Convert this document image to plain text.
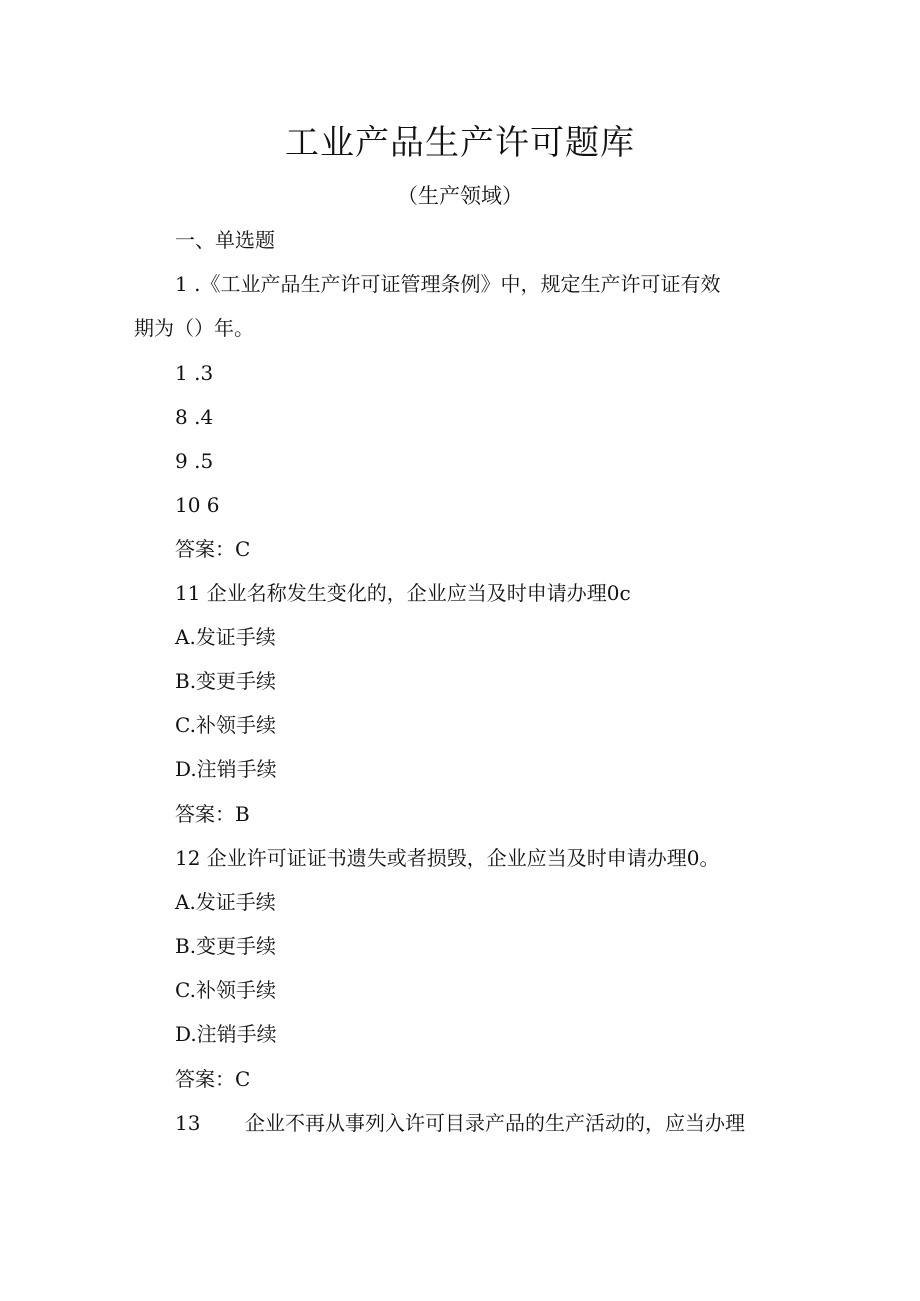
工业产品生产许可题库
（生产领域）
一、单选题
1 .《工业产品生产许可证管理条例》中，规定生产许可证有效
期为（）年。
1 .3
8 .4
9 .5
10 6
答案：C
11 企业名称发生变化的，企业应当及时申请办理0c
A.发证手续
B.变更手续
C.补领手续
D.注销手续
答案：B
12 企业许可证证书遗失或者损毁，企业应当及时申请办理0。
A.发证手续
B.变更手续
C.补领手续
D.注销手续
答案：C
13 企业不再从事列入许可目录产品的生产活动的，应当办理
